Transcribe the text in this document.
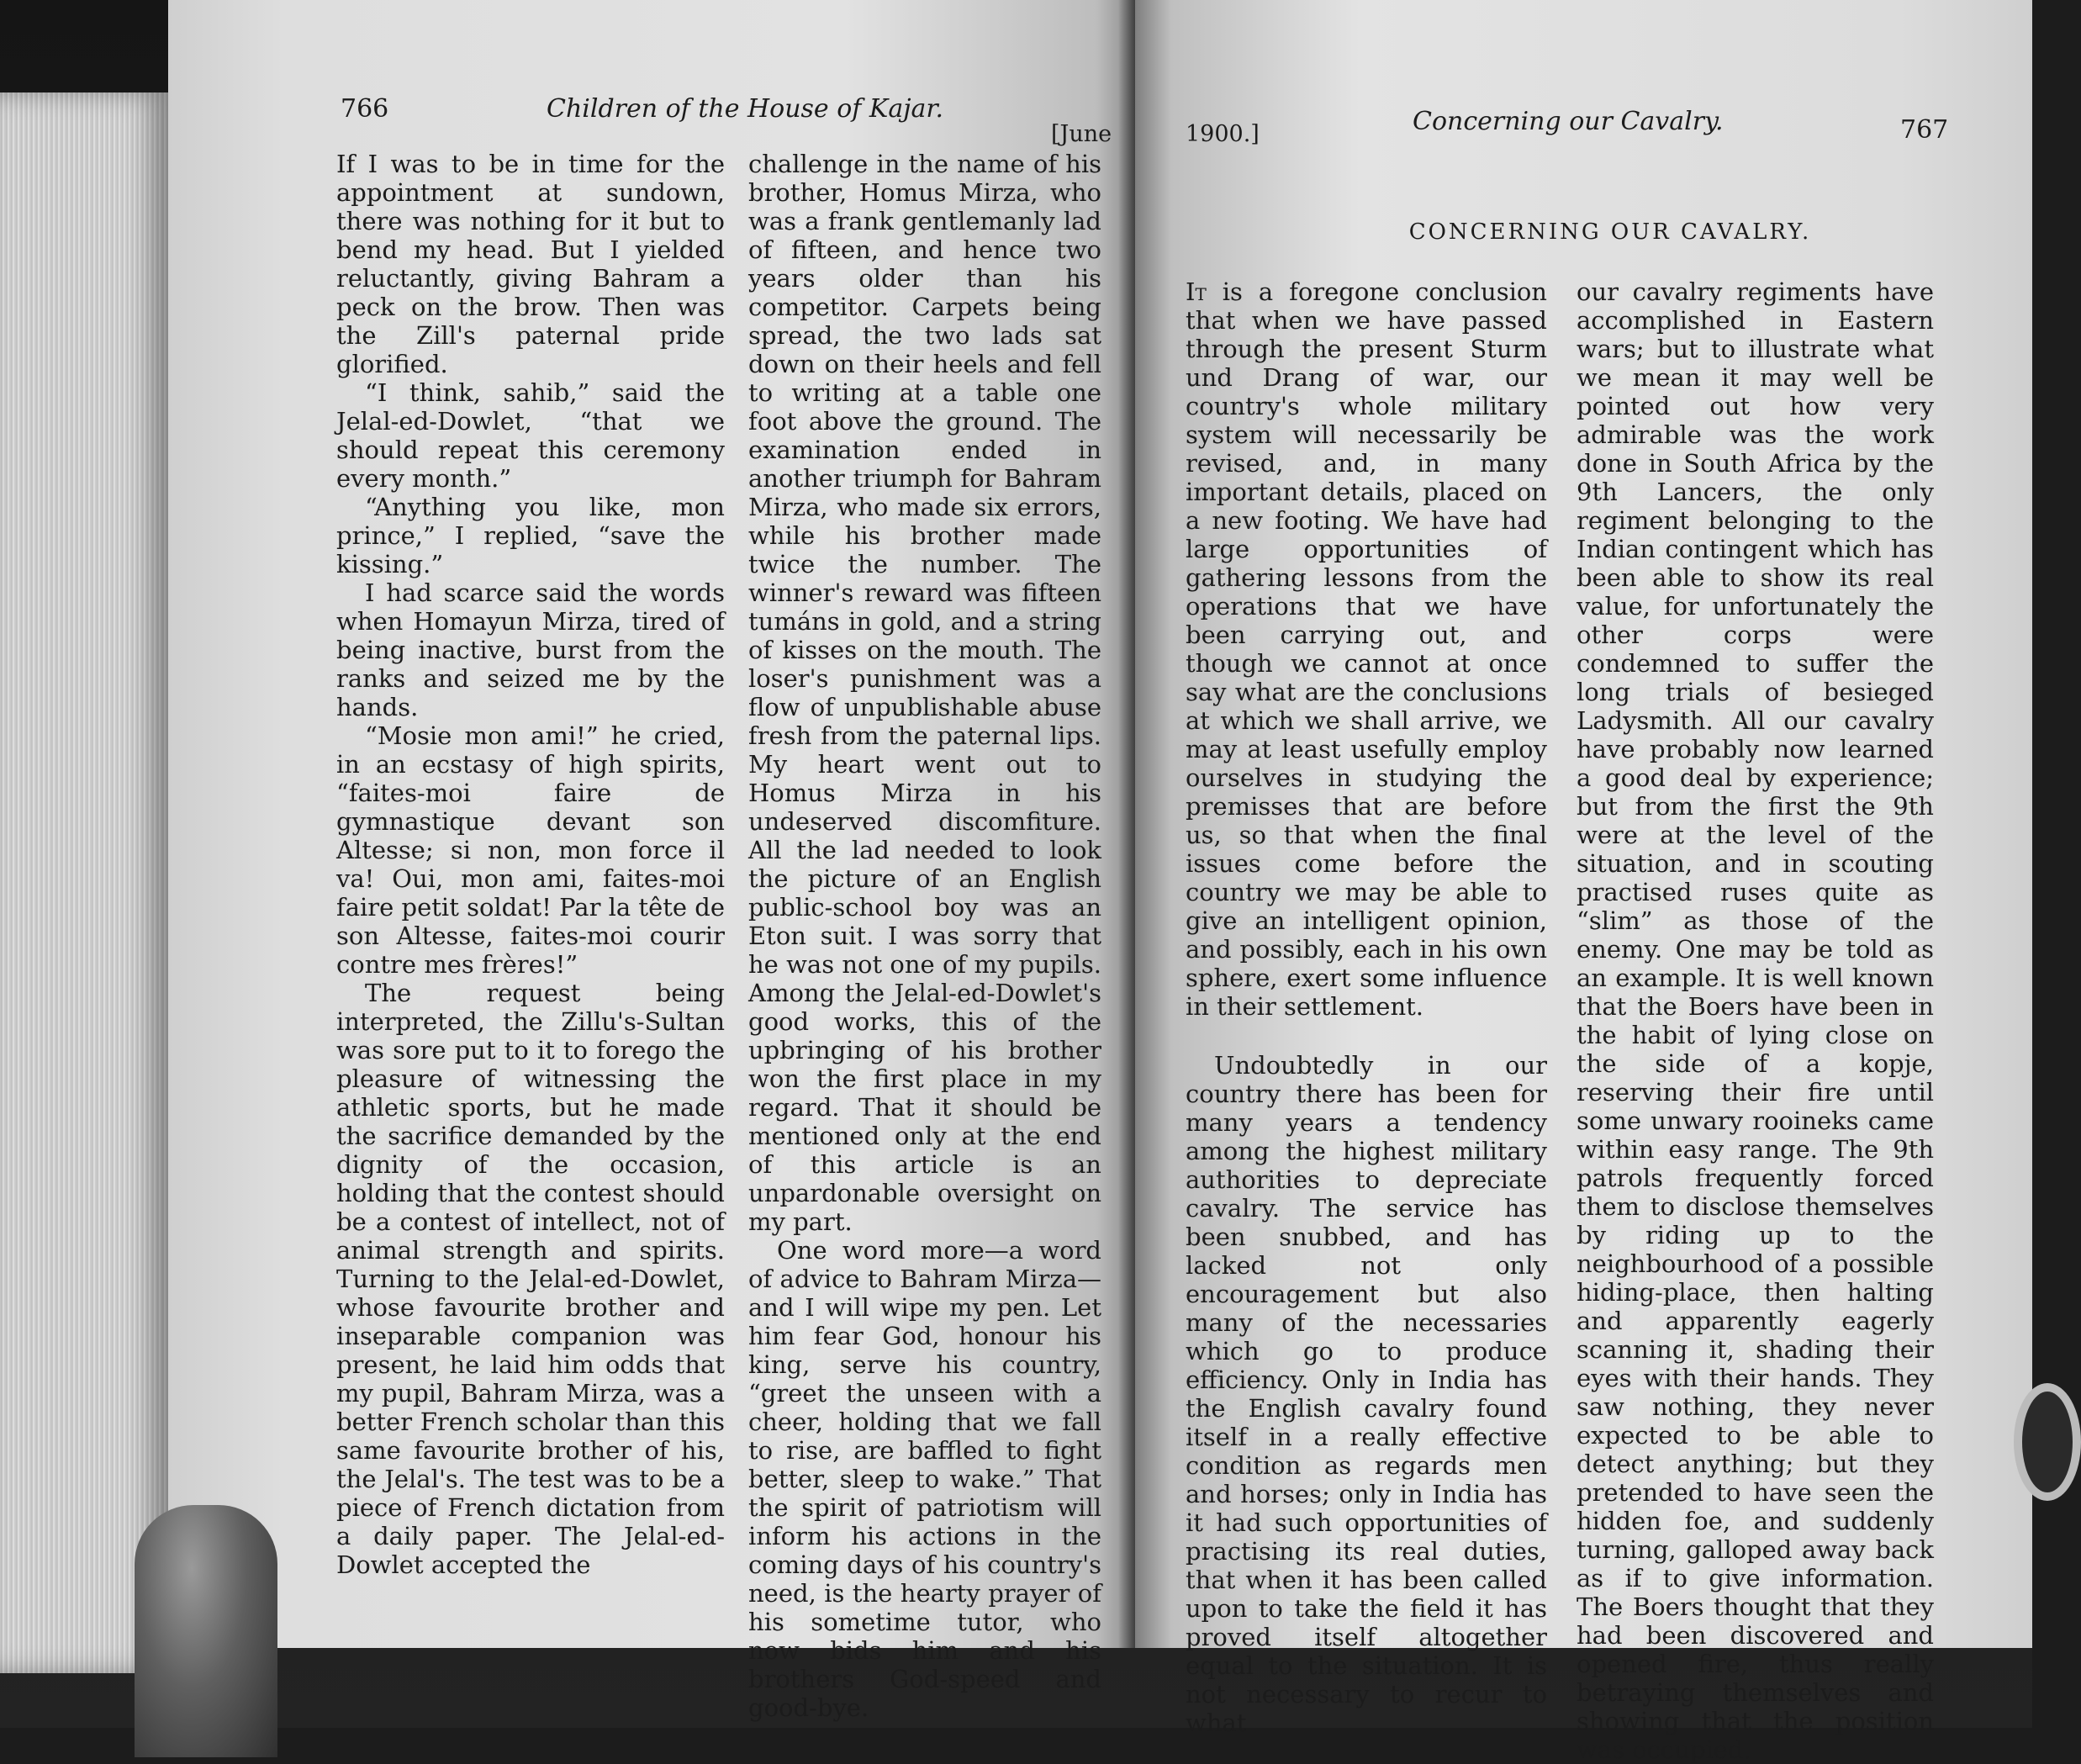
766	Children of the House of Kajar.
[June

If I was to be in time for the appointment at sundown, there was nothing for it but to bend my head. But I yielded reluctantly, giving Bahram a peck on the brow. Then was the Zill's paternal pride glorified.

“I think, sahib,” said the Jelal-ed-Dowlet, “that we should repeat this ceremony every month.”

“Anything you like, mon prince,” I replied, “save the kissing.”

I had scarce said the words when Homayun Mirza, tired of being inactive, burst from the ranks and seized me by the hands.

“Mosie mon ami!” he cried, in an ecstasy of high spirits, “faites-moi faire de gymnastique devant son Altesse; si non, mon force il va! Oui, mon ami, faites-moi faire petit soldat! Par la tête de son Altesse, faites-moi courir contre mes frères!”

The request being interpreted, the Zillu's-Sultan was sore put to it to forego the pleasure of witnessing the athletic sports, but he made the sacrifice demanded by the dignity of the occasion, holding that the contest should be a contest of intellect, not of animal strength and spirits. Turning to the Jelal-ed-Dowlet, whose favourite brother and inseparable companion was present, he laid him odds that my pupil, Bahram Mirza, was a better French scholar than this same favourite brother of his, the Jelal's. The test was to be a piece of French dictation from a daily paper. The Jelal-ed-Dowlet accepted the

challenge in the name of his brother, Homus Mirza, who was a frank gentlemanly lad of fifteen, and hence two years older than his competitor. Carpets being spread, the two lads sat down on their heels and fell to writing at a table one foot above the ground. The examination ended in another triumph for Bahram Mirza, who made six errors, while his brother made twice the number. The winner's reward was fifteen tumáns in gold, and a string of kisses on the mouth. The loser's punishment was a flow of unpublishable abuse fresh from the paternal lips. My heart went out to Homus Mirza in his undeserved discomfiture. All the lad needed to look the picture of an English public-school boy was an Eton suit. I was sorry that he was not one of my pupils. Among the Jelal-ed-Dowlet's good works, this of the upbringing of his brother won the first place in my regard. That it should be mentioned only at the end of this article is an unpardonable oversight on my part.

One word more—a word of advice to Bahram Mirza—and I will wipe my pen. Let him fear God, honour his king, serve his country, “greet the unseen with a cheer, holding that we fall to rise, are baffled to fight better, sleep to wake.” That the spirit of patriotism will inform his actions in the coming days of his country's need, is the hearty prayer of his sometime tutor, who now bids him and his brothers God-speed and good-bye.

1900.]	Concerning our Cavalry.	767
CONCERNING OUR CAVALRY.

It is a foregone conclusion that when we have passed through the present Sturm und Drang of war, our country's whole military system will necessarily be revised, and, in many important details, placed on a new footing. We have had large opportunities of gathering lessons from the operations that we have been carrying out, and though we cannot at once say what are the conclusions at which we shall arrive, we may at least usefully employ ourselves in studying the premisses that are before us, so that when the final issues come before the country we may be able to give an intelligent opinion, and possibly, each in his own sphere, exert some influence in their settlement.

Undoubtedly in our country there has been for many years a tendency among the highest military authorities to depreciate cavalry. The service has been snubbed, and has lacked not only encouragement but also many of the necessaries which go to produce efficiency. Only in India has the English cavalry found itself in a really effective condition as regards men and horses; only in India has it had such opportunities of practising its real duties, that when it has been called upon to take the field it has proved itself altogether equal to the situation. It is not necessary to recur to what

our cavalry regiments have accomplished in Eastern wars; but to illustrate what we mean it may well be pointed out how very admirable was the work done in South Africa by the 9th Lancers, the only regiment belonging to the Indian contingent which has been able to show its real value, for unfortunately the other corps were condemned to suffer the long trials of besieged Ladysmith. All our cavalry have probably now learned a good deal by experience; but from the first the 9th were at the level of the situation, and in scouting practised ruses quite as “slim” as those of the enemy. One may be told as an example. It is well known that the Boers have been in the habit of lying close on the side of a kopje, reserving their fire until some unwary rooineks came within easy range. The 9th patrols frequently forced them to disclose themselves by riding up to the neighbourhood of a possible hiding-place, then halting and apparently eagerly scanning it, shading their eyes with their hands. They saw nothing, they never expected to be able to detect anything; but they pretended to have seen the hidden foe, and suddenly turning, galloped away back as if to give information. The Boers thought that they had been discovered and opened fire, thus really betraying themselves and showing that the position was occupied.
